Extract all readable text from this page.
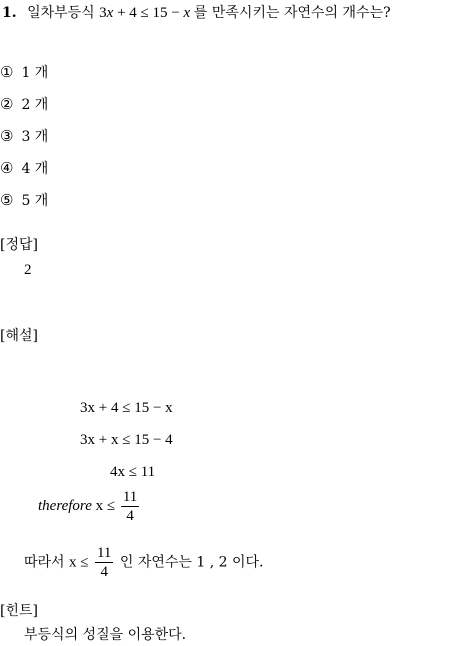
1. 일차부등식 3x + 4 ≤ 15 − x 를 만족시키는 자연수의 개수는?
① 1 개
② 2 개
③ 3 개
④ 4 개
⑤ 5 개
[정답]
2
[해설]
3x + 4 ≤ 15 − x
3x + x ≤ 15 − 4
4x ≤ 11
therefore $x \le \frac{11}{4}$
따라서 $x \le \frac{11}{4}$ 인 자연수는 1 , 2 이다.
[힌트]
부등식의 성질을 이용한다.
